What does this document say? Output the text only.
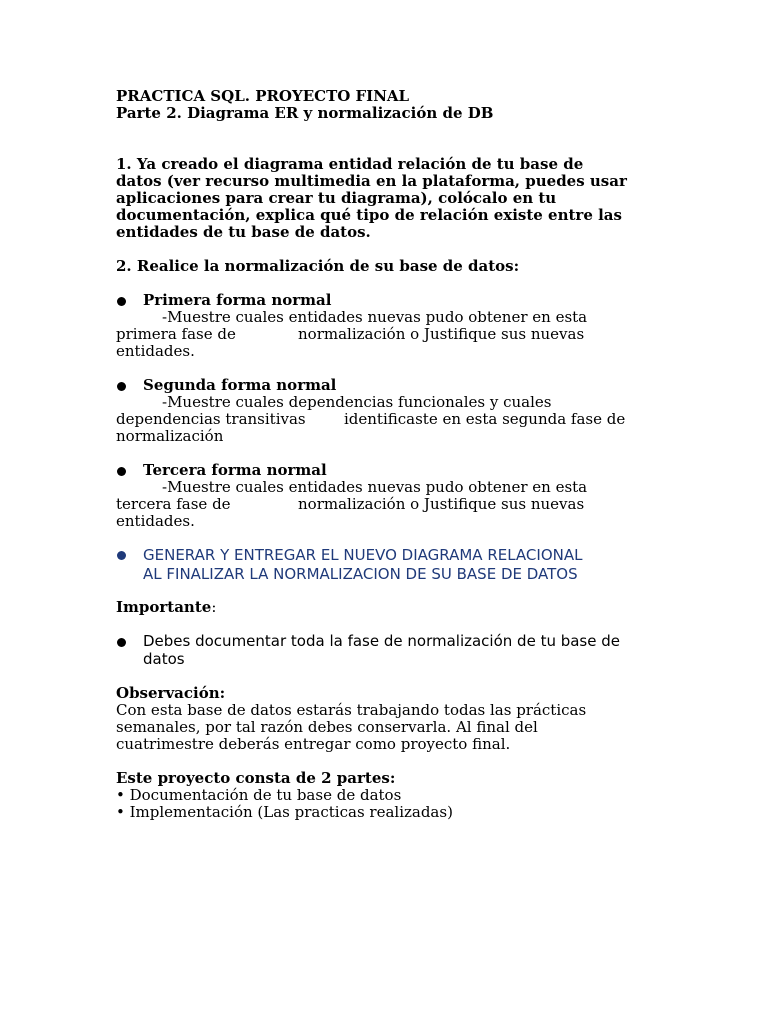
PRACTICA SQL. PROYECTO FINAL

Parte 2. Diagrama ER y normalización de DB

1. Ya creado el diagrama entidad relación de tu base de

datos (ver recurso multimedia en la plataforma, puedes usar

aplicaciones para crear tu diagrama), colócalo en tu

documentación, explica qué tipo de relación existe entre las

entidades de tu base de datos.

2. Realice la normalización de su base de datos:

Primera forma normal

-Muestre cuales entidades nuevas pudo obtener en esta

primera fase de	normalización o Justifique sus nuevas

entidades.

Segunda forma normal

-Muestre cuales dependencias funcionales y cuales

dependencias transitivas	identificaste en esta segunda fase de

normalización

Tercera forma normal

-Muestre cuales entidades nuevas pudo obtener en esta

tercera fase de	normalización o Justifique sus nuevas

entidades.

GENERAR Y ENTREGAR EL NUEVO DIAGRAMA RELACIONAL

AL FINALIZAR LA NORMALIZACION DE SU BASE DE DATOS

Importante:

Debes documentar toda la fase de normalización de tu base de

datos

Observación:

Con esta base de datos estarás trabajando todas las prácticas

semanales, por tal razón debes conservarla. Al final del

cuatrimestre deberás entregar como proyecto final.

Este proyecto consta de 2 partes:

• Documentación de tu base de datos

• Implementación (Las practicas realizadas)
